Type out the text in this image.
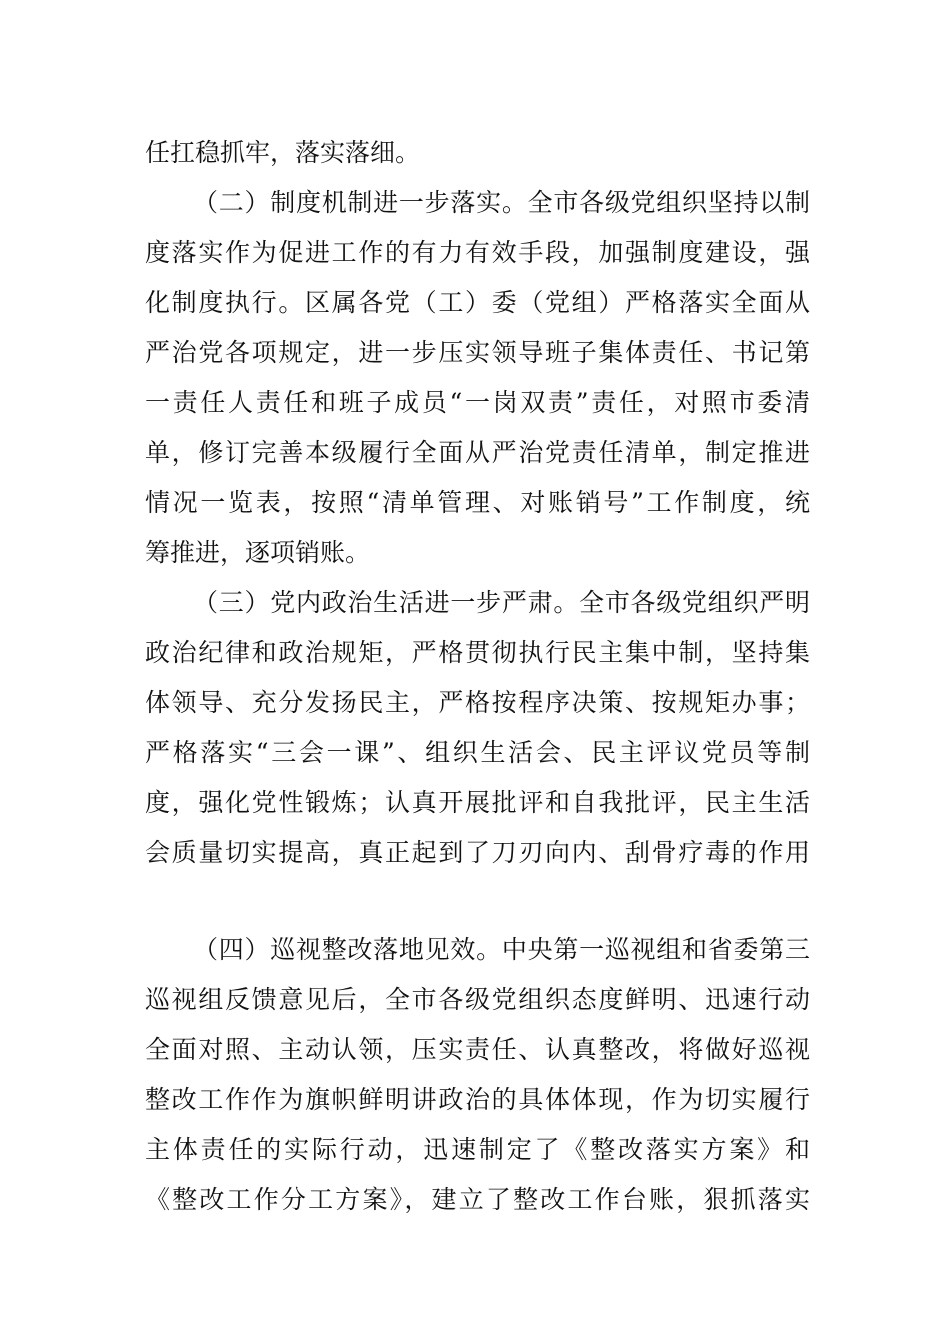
任扛稳抓牢，落实落细。
（二）制度机制进一步落实。全市各级党组织坚持以制
度落实作为促进工作的有力有效手段，加强制度建设，强
化制度执行。区属各党（工）委（党组）严格落实全面从
严治党各项规定，进一步压实领导班子集体责任、书记第
一责任人责任和班子成员“一岗双责”责任，对照市委清
单，修订完善本级履行全面从严治党责任清单，制定推进
情况一览表，按照“清单管理、对账销号”工作制度，统
筹推进，逐项销账。
（三）党内政治生活进一步严肃。全市各级党组织严明
政治纪律和政治规矩，严格贯彻执行民主集中制，坚持集
体领导、充分发扬民主，严格按程序决策、按规矩办事；
严格落实“三会一课”、组织生活会、民主评议党员等制
度，强化党性锻炼；认真开展批评和自我批评，民主生活
会质量切实提高，真正起到了刀刃向内、刮骨疗毒的作用
（四）巡视整改落地见效。中央第一巡视组和省委第三
巡视组反馈意见后，全市各级党组织态度鲜明、迅速行动
全面对照、主动认领，压实责任、认真整改，将做好巡视
整改工作作为旗帜鲜明讲政治的具体体现，作为切实履行
主体责任的实际行动，迅速制定了《整改落实方案》和
《整改工作分工方案》，建立了整改工作台账，狠抓落实
